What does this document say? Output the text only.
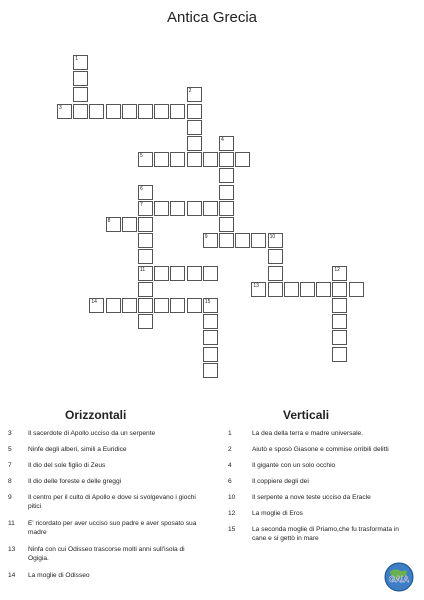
Antica Grecia
1
3
2
5
4
6
7
11
8
9	10
12
13
14	15
Orizzontali	Verticali
3	Il sacerdote di Apollo ucciso da un serpente
5	Ninfe degli alberi, simili a Euridice
7	Il dio del sole figlio di Zeus
8	Il dio delle foreste e delle greggi
9	Il centro per il culto di Apollo e dove si svolgevano i giochi pitici
11	E' ricordato per aver ucciso suo padre e aver sposato sua madre
13	Ninfa con cui Odisseo trascorse molti anni sull'isola di Ogigia.
14	La moglie di Odisseo
1	La dea della terra e madre universale.
2	Aiutò e sposò Giasone e commise orribili delitti
4	Il gigante con un solo occhio
6	Il coppiere degli dei
10	Il serpente a nove teste ucciso da Eracle
12	La moglie di Eros
15	La seconda moglie di Priamo,che fu trasformata in cane e si gettò in mare
GAIA
